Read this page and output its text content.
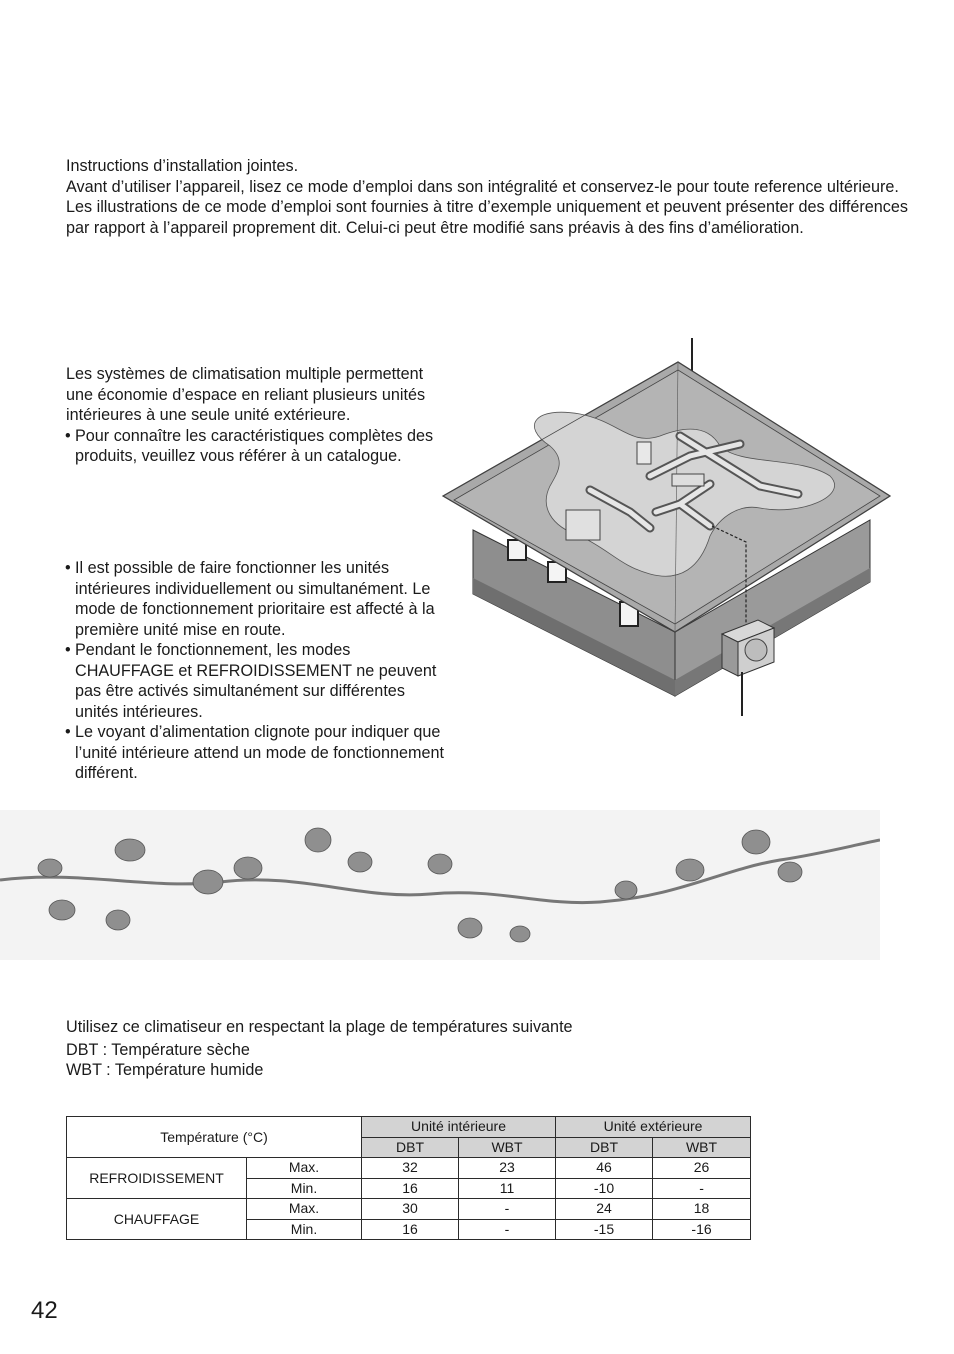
Instructions d’installation jointes.

Avant d’utiliser l’appareil, lisez ce mode d’emploi dans son intégralité et conservez-le pour toute reference ultérieure.

Les illustrations de ce mode d’emploi sont fournies à titre d’exemple uniquement et peuvent présenter des différences par rapport à l’appareil proprement dit. Celui-ci peut être modifié sans préavis à des fins d’amélioration.

Les systèmes de climatisation multiple permettent une économie d’espace en reliant plusieurs unités intérieures à une seule unité extérieure.

• Pour connaître les caractéristiques complètes des produits, veuillez vous référer à un catalogue.
• Il est possible de faire fonctionner les unités intérieures individuellement ou simultanément. Le mode de fonctionnement prioritaire est affecté à la première unité mise en route.
• Pendant le fonctionnement, les modes CHAUFFAGE et REFROIDISSEMENT ne peuvent pas être activés simultanément sur différentes unités intérieures.
• Le voyant d’alimentation clignote pour indiquer que l’unité intérieure attend un mode de fonctionnement différent.

Utilisez ce climatiseur en respectant la plage de températures suivante

DBT : Température sèche

WBT : Température humide

Température (°C)		Unité intérieure		Unité extérieure	
		DBT	WBT	DBT	WBT
REFROIDISSEMENT	Max.	32	23	46	26
	Min.	16	11	-10	-
CHAUFFAGE	Max.	30	-	24	18
	Min.	16	-	-15	-16
42
